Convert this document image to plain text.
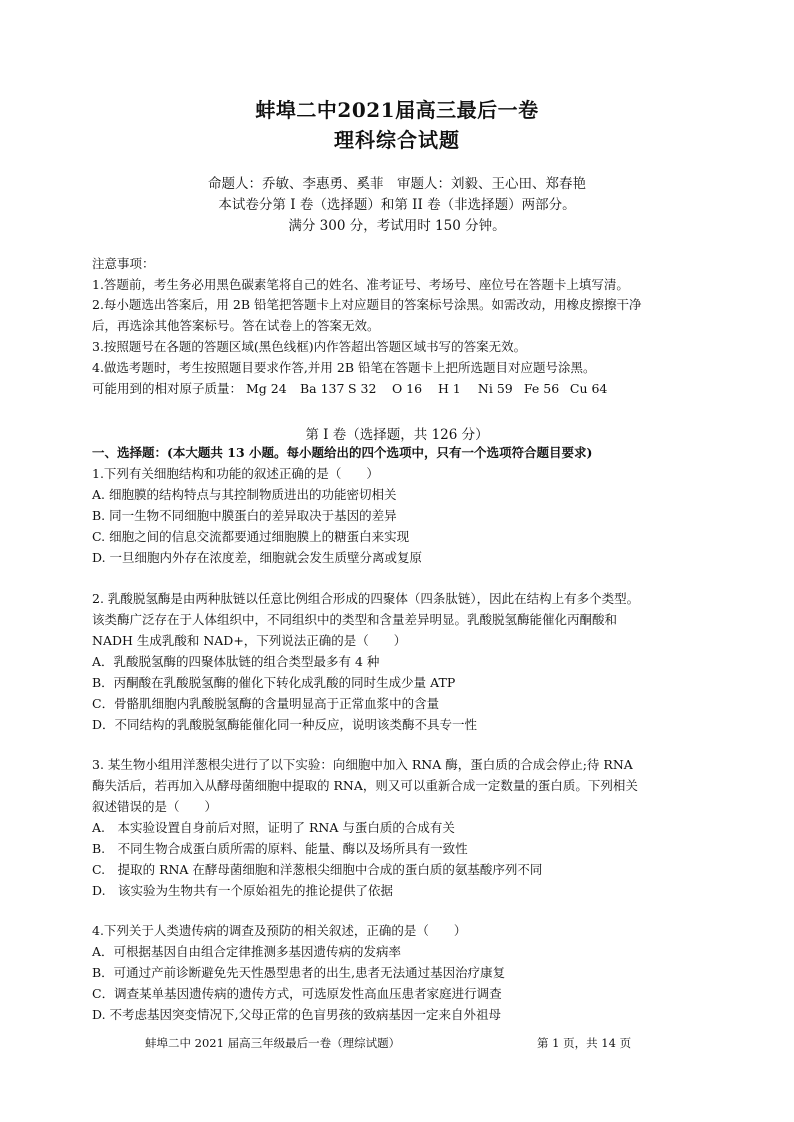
蚌埠二中2021届高三最后一卷
理科综合试题
命题人：乔敏、李惠勇、奚菲　审题人：刘毅、王心田、郑春艳
本试卷分第 I 卷（选择题）和第 II 卷（非选择题）两部分。
满分 300 分，考试用时 150 分钟。
注意事项：
1.答题前，考生务必用黑色碳素笔将自己的姓名、准考证号、考场号、座位号在答题卡上填写清。
2.每小题选出答案后，用 2B 铅笔把答题卡上对应题目的答案标号涂黑。如需改动，用橡皮擦擦干净
后，再选涂其他答案标号。答在试卷上的答案无效。
3.按照题号在各题的答题区域(黑色线框)内作答超出答题区域书写的答案无效。
4.做选考题时，考生按照题目要求作答,并用 2B 铅笔在答题卡上把所选题目对应题号涂黑。
可能用到的相对原子质量： Mg 24 Ba 137 S 32 O 16 H 1 Ni 59 Fe 56 Cu 64
第 I 卷（选择题，共 126 分）
一、选择题：(本大题共 13 小题。每小题给出的四个选项中，只有一个选项符合题目要求)
1.下列有关细胞结构和功能的叙述正确的是（　　）
A. 细胞膜的结构特点与其控制物质进出的功能密切相关
B. 同一生物不同细胞中膜蛋白的差异取决于基因的差异
C. 细胞之间的信息交流都要通过细胞膜上的糖蛋白来实现
D. 一旦细胞内外存在浓度差，细胞就会发生质壁分离或复原
2. 乳酸脱氢酶是由两种肽链以任意比例组合形成的四聚体（四条肽链），因此在结构上有多个类型。
该类酶广泛存在于人体组织中，不同组织中的类型和含量差异明显。乳酸脱氢酶能催化丙酮酸和
NADH 生成乳酸和 NAD+，下列说法正确的是（　　）
A．乳酸脱氢酶的四聚体肽链的组合类型最多有 4 种
B．丙酮酸在乳酸脱氢酶的催化下转化成乳酸的同时生成少量 ATP
C．骨骼肌细胞内乳酸脱氢酶的含量明显高于正常血浆中的含量
D．不同结构的乳酸脱氢酶能催化同一种反应，说明该类酶不具专一性
3. 某生物小组用洋葱根尖进行了以下实验：向细胞中加入 RNA 酶，蛋白质的合成会停止;待 RNA
酶失活后，若再加入从酵母菌细胞中提取的 RNA，则又可以重新合成一定数量的蛋白质。下列相关
叙述错误的是（　　）
A.　本实验设置自身前后对照，证明了 RNA 与蛋白质的合成有关
B.　不同生物合成蛋白质所需的原料、能量、酶以及场所具有一致性
C.　提取的 RNA 在酵母菌细胞和洋葱根尖细胞中合成的蛋白质的氨基酸序列不同
D.　该实验为生物共有一个原始祖先的推论提供了依据
4.下列关于人类遗传病的调查及预防的相关叙述，正确的是（　　）
A．可根据基因自由组合定律推测多基因遗传病的发病率
B．可通过产前诊断避免先天性愚型患者的出生,患者无法通过基因治疗康复
C．调查某单基因遗传病的遗传方式，可选原发性高血压患者家庭进行调查
D. 不考虑基因突变情况下,父母正常的色盲男孩的致病基因一定来自外祖母
蚌埠二中 2021 届高三年级最后一卷（理综试题）	第 1 页，共 14 页
